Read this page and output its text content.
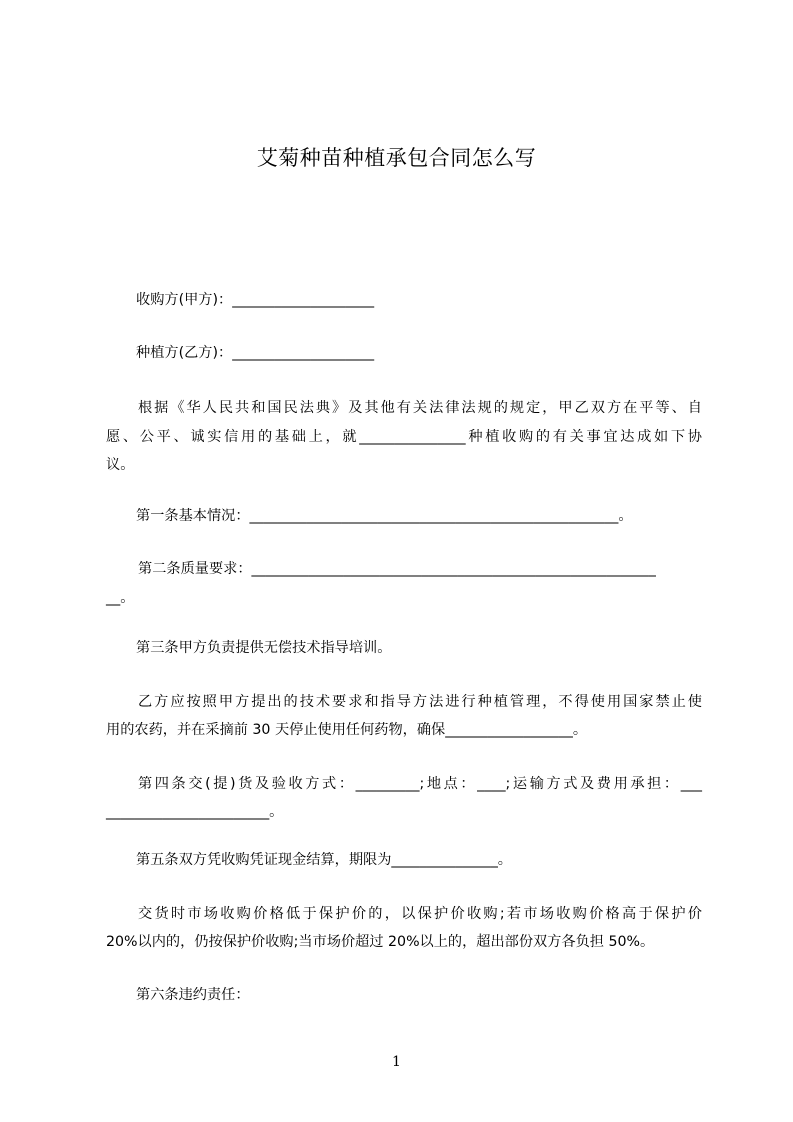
艾菊种苗种植承包合同怎么写
收购方(甲方)：____________________
种植方(乙方)：____________________
根据《华人民共和国民法典》及其他有关法律法规的规定，甲乙双方在平等、自
愿、公平、诚实信用的基础上，就_______________种植收购的有关事宜达成如下协
议。
第一条基本情况：____________________________________________________。
第二条质量要求：_________________________________________________________
__。
第三条甲方负责提供无偿技术指导培训。
乙方应按照甲方提出的技术要求和指导方法进行种植管理，不得使用国家禁止使
用的农药，并在采摘前 30 天停止使用任何药物，确保__________________。
第四条交(提)货及验收方式：_________;地点：____;运输方式及费用承担：___
_______________________。
第五条双方凭收购凭证现金结算，期限为_______________。
交货时市场收购价格低于保护价的，以保护价收购;若市场收购价格高于保护价
20%以内的，仍按保护价收购;当市场价超过 20%以上的，超出部份双方各负担 50%。
第六条违约责任：
1
